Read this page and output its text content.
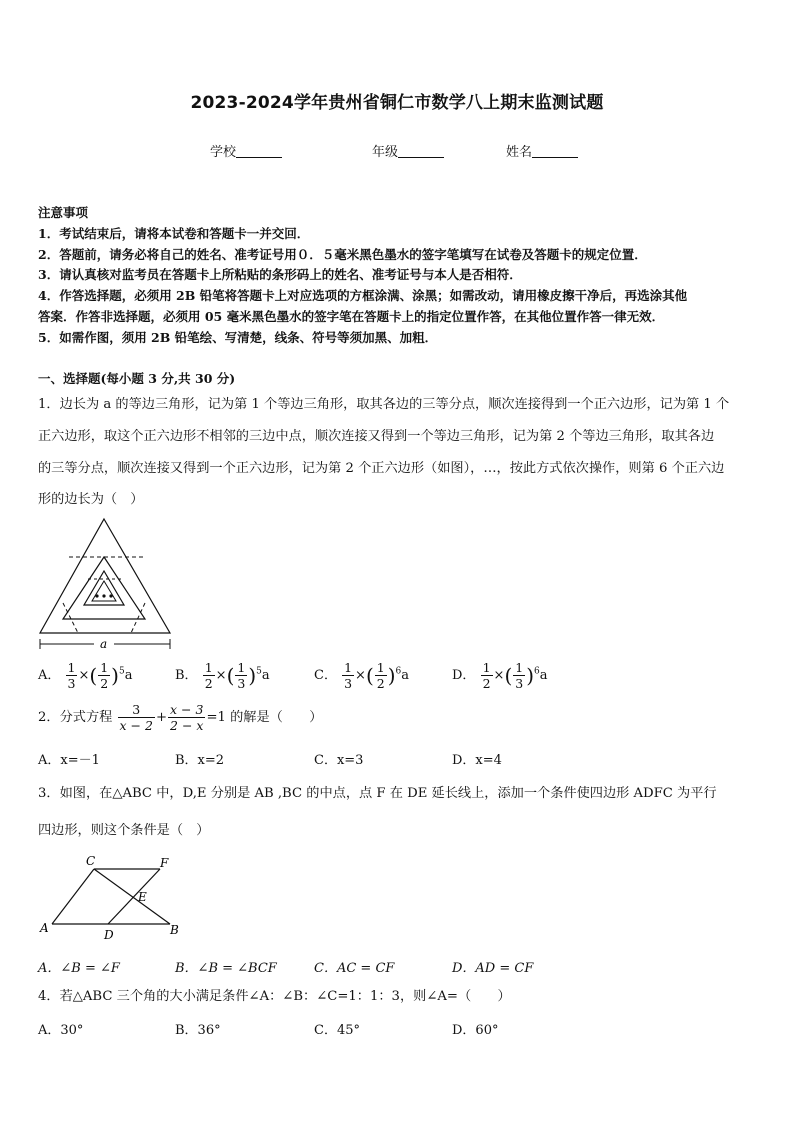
2023-2024学年贵州省铜仁市数学八上期末监测试题
学校	年级	姓名
注意事项
1．考试结束后，请将本试卷和答题卡一并交回．
2．答题前，请务必将自己的姓名、准考证号用０．５毫米黑色墨水的签字笔填写在试卷及答题卡的规定位置．
3．请认真核对监考员在答题卡上所粘贴的条形码上的姓名、准考证号与本人是否相符．
4．作答选择题，必须用 2B 铅笔将答题卡上对应选项的方框涂满、涂黑；如需改动，请用橡皮擦干净后，再选涂其他
答案．作答非选择题，必须用 05 毫米黑色墨水的签字笔在答题卡上的指定位置作答，在其他位置作答一律无效．
5．如需作图，须用 2B 铅笔绘、写清楚，线条、符号等须加黑、加粗．
一、选择题(每小题 3 分,共 30 分)
1．边长为 a 的等边三角形，记为第 1 个等边三角形，取其各边的三等分点，顺次连接得到一个正六边形，记为第 1 个
正六边形，取这个正六边形不相邻的三边中点，顺次连接又得到一个等边三角形，记为第 2 个等边三角形，取其各边
的三等分点，顺次连接又得到一个正六边形，记为第 2 个正六边形（如图），…，按此方式依次操作，则第 6 个正六边
形的边长为（　）
a
A． $\frac{1}{3}$ ×( $\frac{1}{2} )^5a$	B． $\frac{1}{2}$ ×( $\frac{1}{3} )^5a$	C． $\frac{1}{3}$ ×( $\frac{1}{2} )^6a$	D． $\frac{1}{2}$ ×( $\frac{1}{3} )^6a$
2．分式方程 $\frac{3}{x - 2} + \frac{x - 3}{2 - x} =1$ 的解是（　　）
A．x=－1	B．x=2	C．x=3	D．x=4
3．如图，在△ABC 中，D,E 分别是 AB ,BC 的中点，点 F 在 DE 延长线上，添加一个条件使四边形 ADFC 为平行
四边形，则这个条件是（　）
C	F
E
A	D	B
A．∠B = ∠F	B．∠B = ∠BCF	C．AC = CF	D．AD = CF
4．若△ABC 三个角的大小满足条件∠A：∠B：∠C=1：1：3，则∠A=（　　）
A．30°	B．36°	C．45°	D．60°
